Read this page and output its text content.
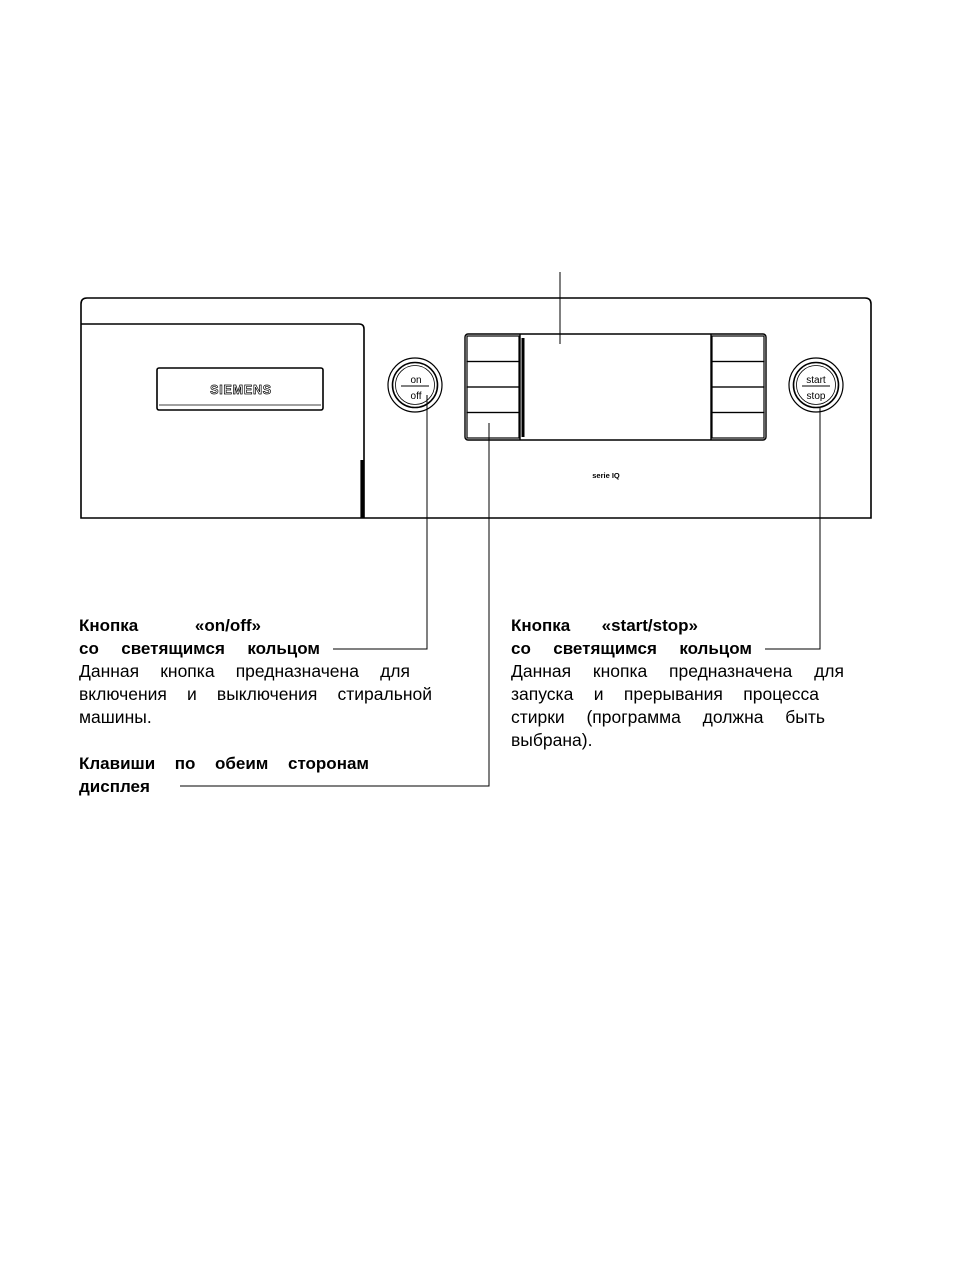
SIEMENS
on
off
serie IQ
start
stop
Кнопка	«on/off»
со светящимся кольцом
Данная кнопка предназначена для
включения и выключения стиральной
машины.
Кнопка «start/stop»
со светящимся кольцом
Данная кнопка предназначена для
запуска и прерывания процесса
стирки (программа должна быть
выбрана).
Клавиши по обеим сторонам
дисплея
